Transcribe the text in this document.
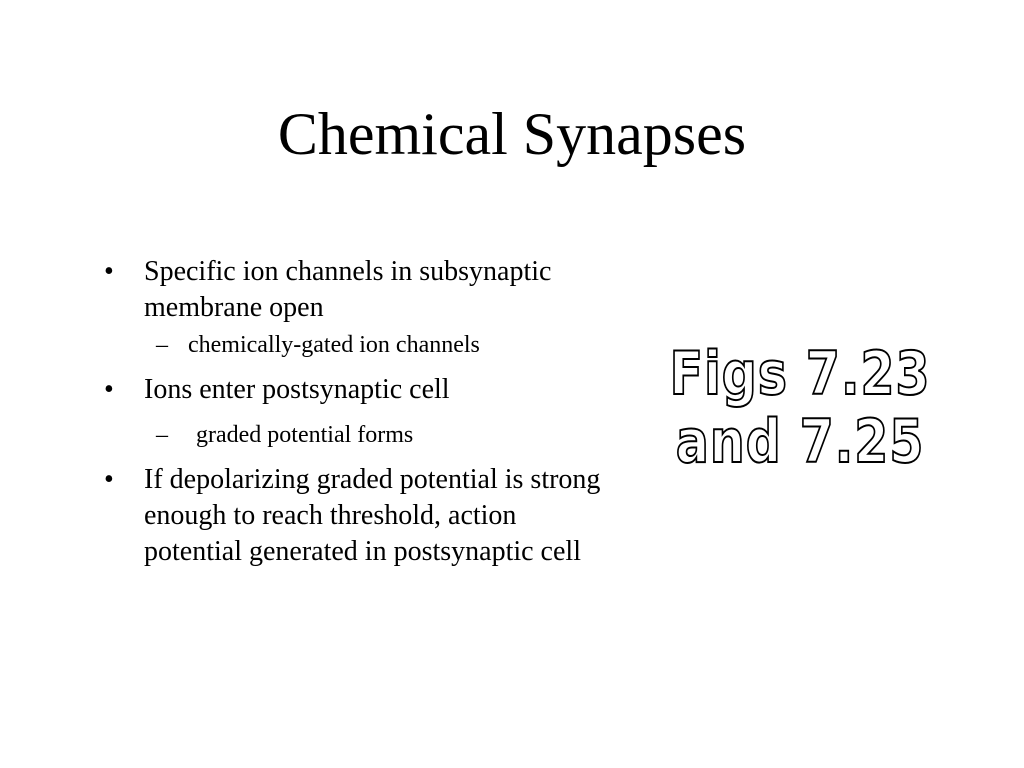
Chemical Synapses
•	Specific ion channels in subsynaptic membrane open
– chemically-gated ion channels
•	Ions enter postsynaptic cell
– graded potential forms
•	If depolarizing graded potential is strong enough to reach threshold, action potential generated in postsynaptic cell
Figs 7.23
and 7.25
